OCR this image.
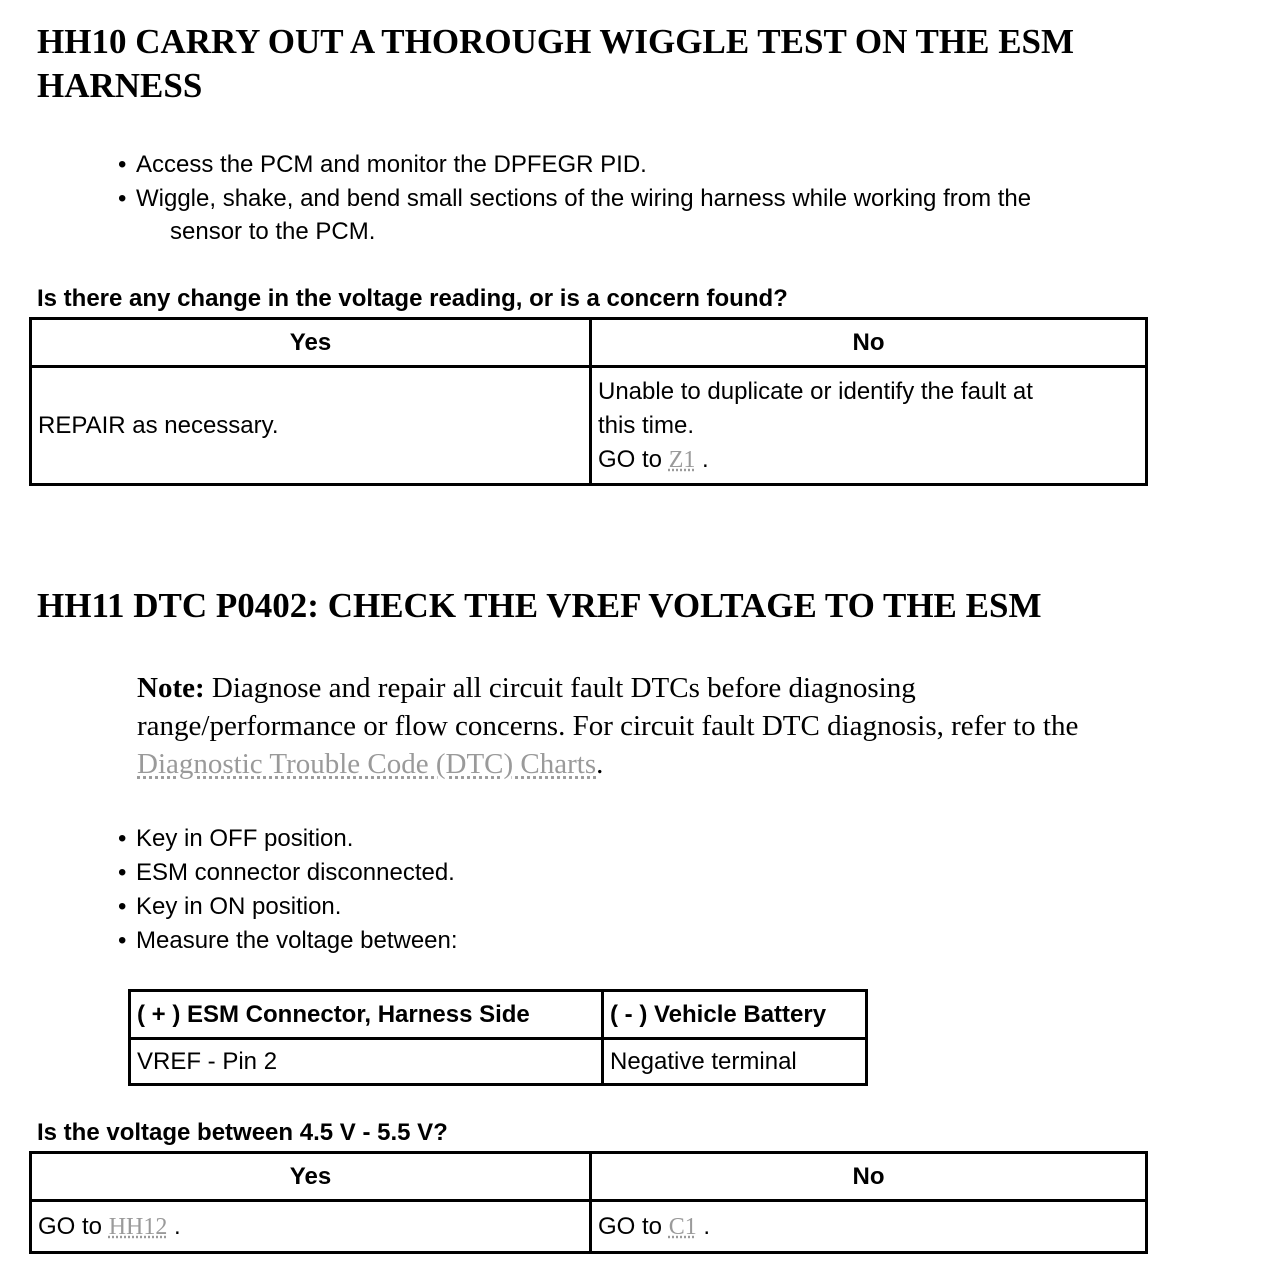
HH10 CARRY OUT A THOROUGH WIGGLE TEST ON THE ESM
HARNESS
• Access the PCM and monitor the DPFEGR PID.
• Wiggle, shake, and bend small sections of the wiring harness while working from the
sensor to the PCM.

Is there any change in the voltage reading, or is a concern found?

Yes	No
REPAIR as necessary.	Unable to duplicate or identify the fault at
this time.
GO to Z1 .
HH11 DTC P0402: CHECK THE VREF VOLTAGE TO THE ESM

Note: Diagnose and repair all circuit fault DTCs before diagnosing
range/performance or flow concerns. For circuit fault DTC diagnosis, refer to the
Diagnostic Trouble Code (DTC) Charts.

• Key in OFF position.
• ESM connector disconnected.
• Key in ON position.
• Measure the voltage between:
( + ) ESM Connector, Harness Side	( - ) Vehicle Battery
VREF - Pin 2	Negative terminal

Is the voltage between 4.5 V - 5.5 V?

Yes	No
GO to HH12 .	GO to C1 .
